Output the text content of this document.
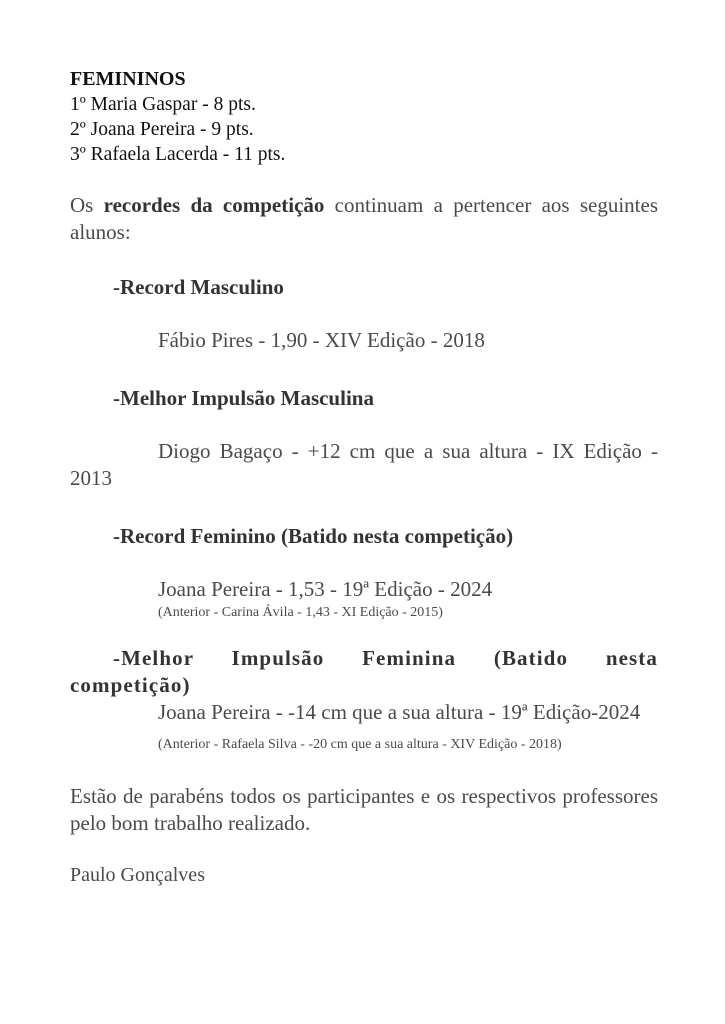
FEMININOS

1º Maria Gaspar - 8 pts.

2º Joana Pereira - 9 pts.

3º Rafaela Lacerda - 11 pts.

Os recordes da competição continuam a pertencer aos seguintes alunos:

-Record Masculino

Fábio Pires - 1,90 - XIV Edição - 2018

-Melhor Impulsão Masculina

Diogo Bagaço - +12 cm que a sua altura - IX Edição - 2013

-Record Feminino (Batido nesta competição)

Joana Pereira - 1,53 - 19ª Edição - 2024

(Anterior - Carina Ávila - 1,43 - XI Edição - 2015)

-Melhor Impulsão Feminina (Batido nesta competição)

Joana Pereira - -14 cm que a sua altura - 19ª Edição-2024

(Anterior - Rafaela Silva - -20 cm que a sua altura - XIV Edição - 2018)

Estão de parabéns todos os participantes e os respectivos professores pelo bom trabalho realizado.

Paulo Gonçalves
